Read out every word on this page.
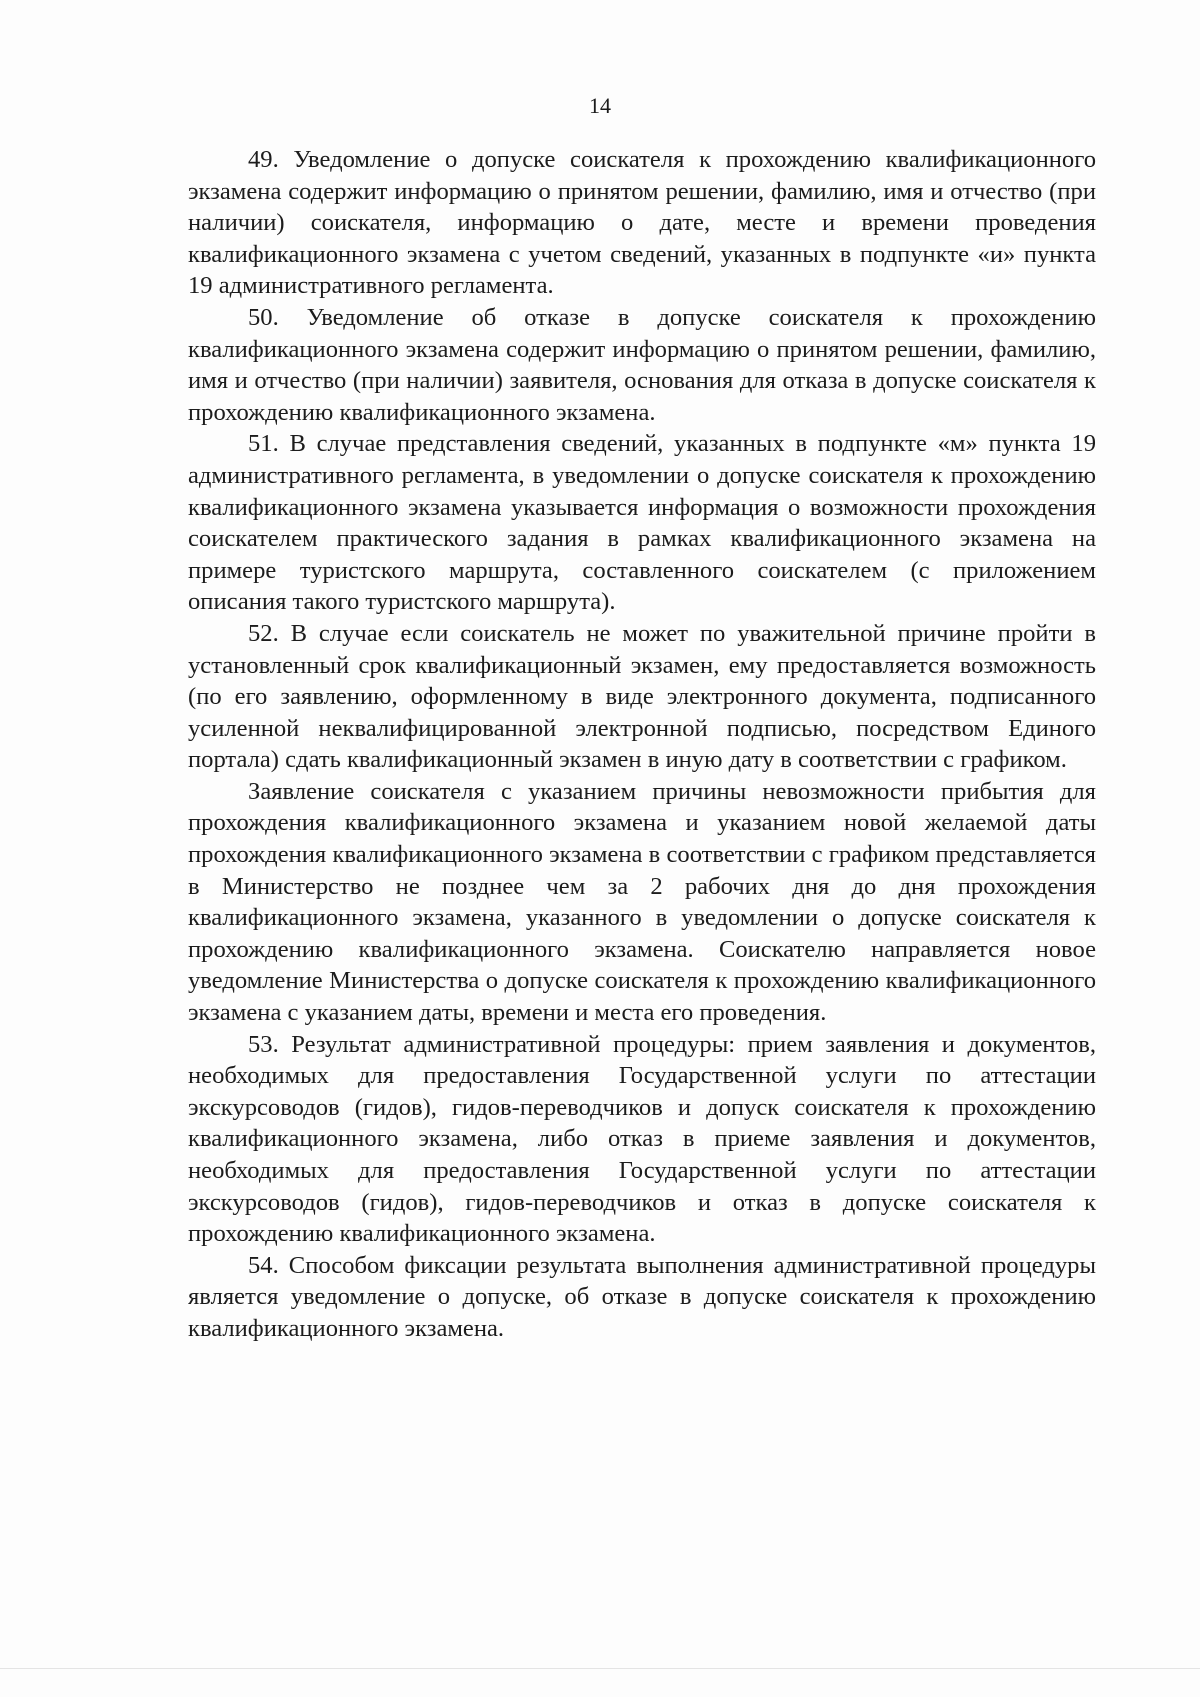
14

49. Уведомление о допуске соискателя к прохождению квалификационного экзамена содержит информацию о принятом решении, фамилию, имя и отчество (при наличии) соискателя, информацию о дате, месте и времени проведения квалификационного экзамена с учетом сведений, указанных в подпункте «и» пункта 19 административного регламента.

50. Уведомление об отказе в допуске соискателя к прохождению квалификационного экзамена содержит информацию о принятом решении, фамилию, имя и отчество (при наличии) заявителя, основания для отказа в допуске соискателя к прохождению квалификационного экзамена.

51. В случае представления сведений, указанных в подпункте «м» пункта 19 административного регламента, в уведомлении о допуске соискателя к прохождению квалификационного экзамена указывается информация о возможности прохождения соискателем практического задания в рамках квалификационного экзамена на примере туристского маршрута, составленного соискателем (с приложением описания такого туристского маршрута).

52. В случае если соискатель не может по уважительной причине пройти в установленный срок квалификационный экзамен, ему предоставляется возможность (по его заявлению, оформленному в виде электронного документа, подписанного усиленной неквалифицированной электронной подписью, посредством Единого портала) сдать квалификационный экзамен в иную дату в соответствии с графиком.

Заявление соискателя с указанием причины невозможности прибытия для прохождения квалификационного экзамена и указанием новой желаемой даты прохождения квалификационного экзамена в соответствии с графиком представляется в Министерство не позднее чем за 2 рабочих дня до дня прохождения квалификационного экзамена, указанного в уведомлении о допуске соискателя к прохождению квалификационного экзамена. Соискателю направляется новое уведомление Министерства о допуске соискателя к прохождению квалификационного экзамена с указанием даты, времени и места его проведения.

53. Результат административной процедуры: прием заявления и документов, необходимых для предоставления Государственной услуги по аттестации экскурсоводов (гидов), гидов-переводчиков и допуск соискателя к прохождению квалификационного экзамена, либо отказ в приеме заявления и документов, необходимых для предоставления Государственной услуги по аттестации экскурсоводов (гидов), гидов-переводчиков и отказ в допуске соискателя к прохождению квалификационного экзамена.

54. Способом фиксации результата выполнения административной процедуры является уведомление о допуске, об отказе в допуске соискателя к прохождению квалификационного экзамена.
